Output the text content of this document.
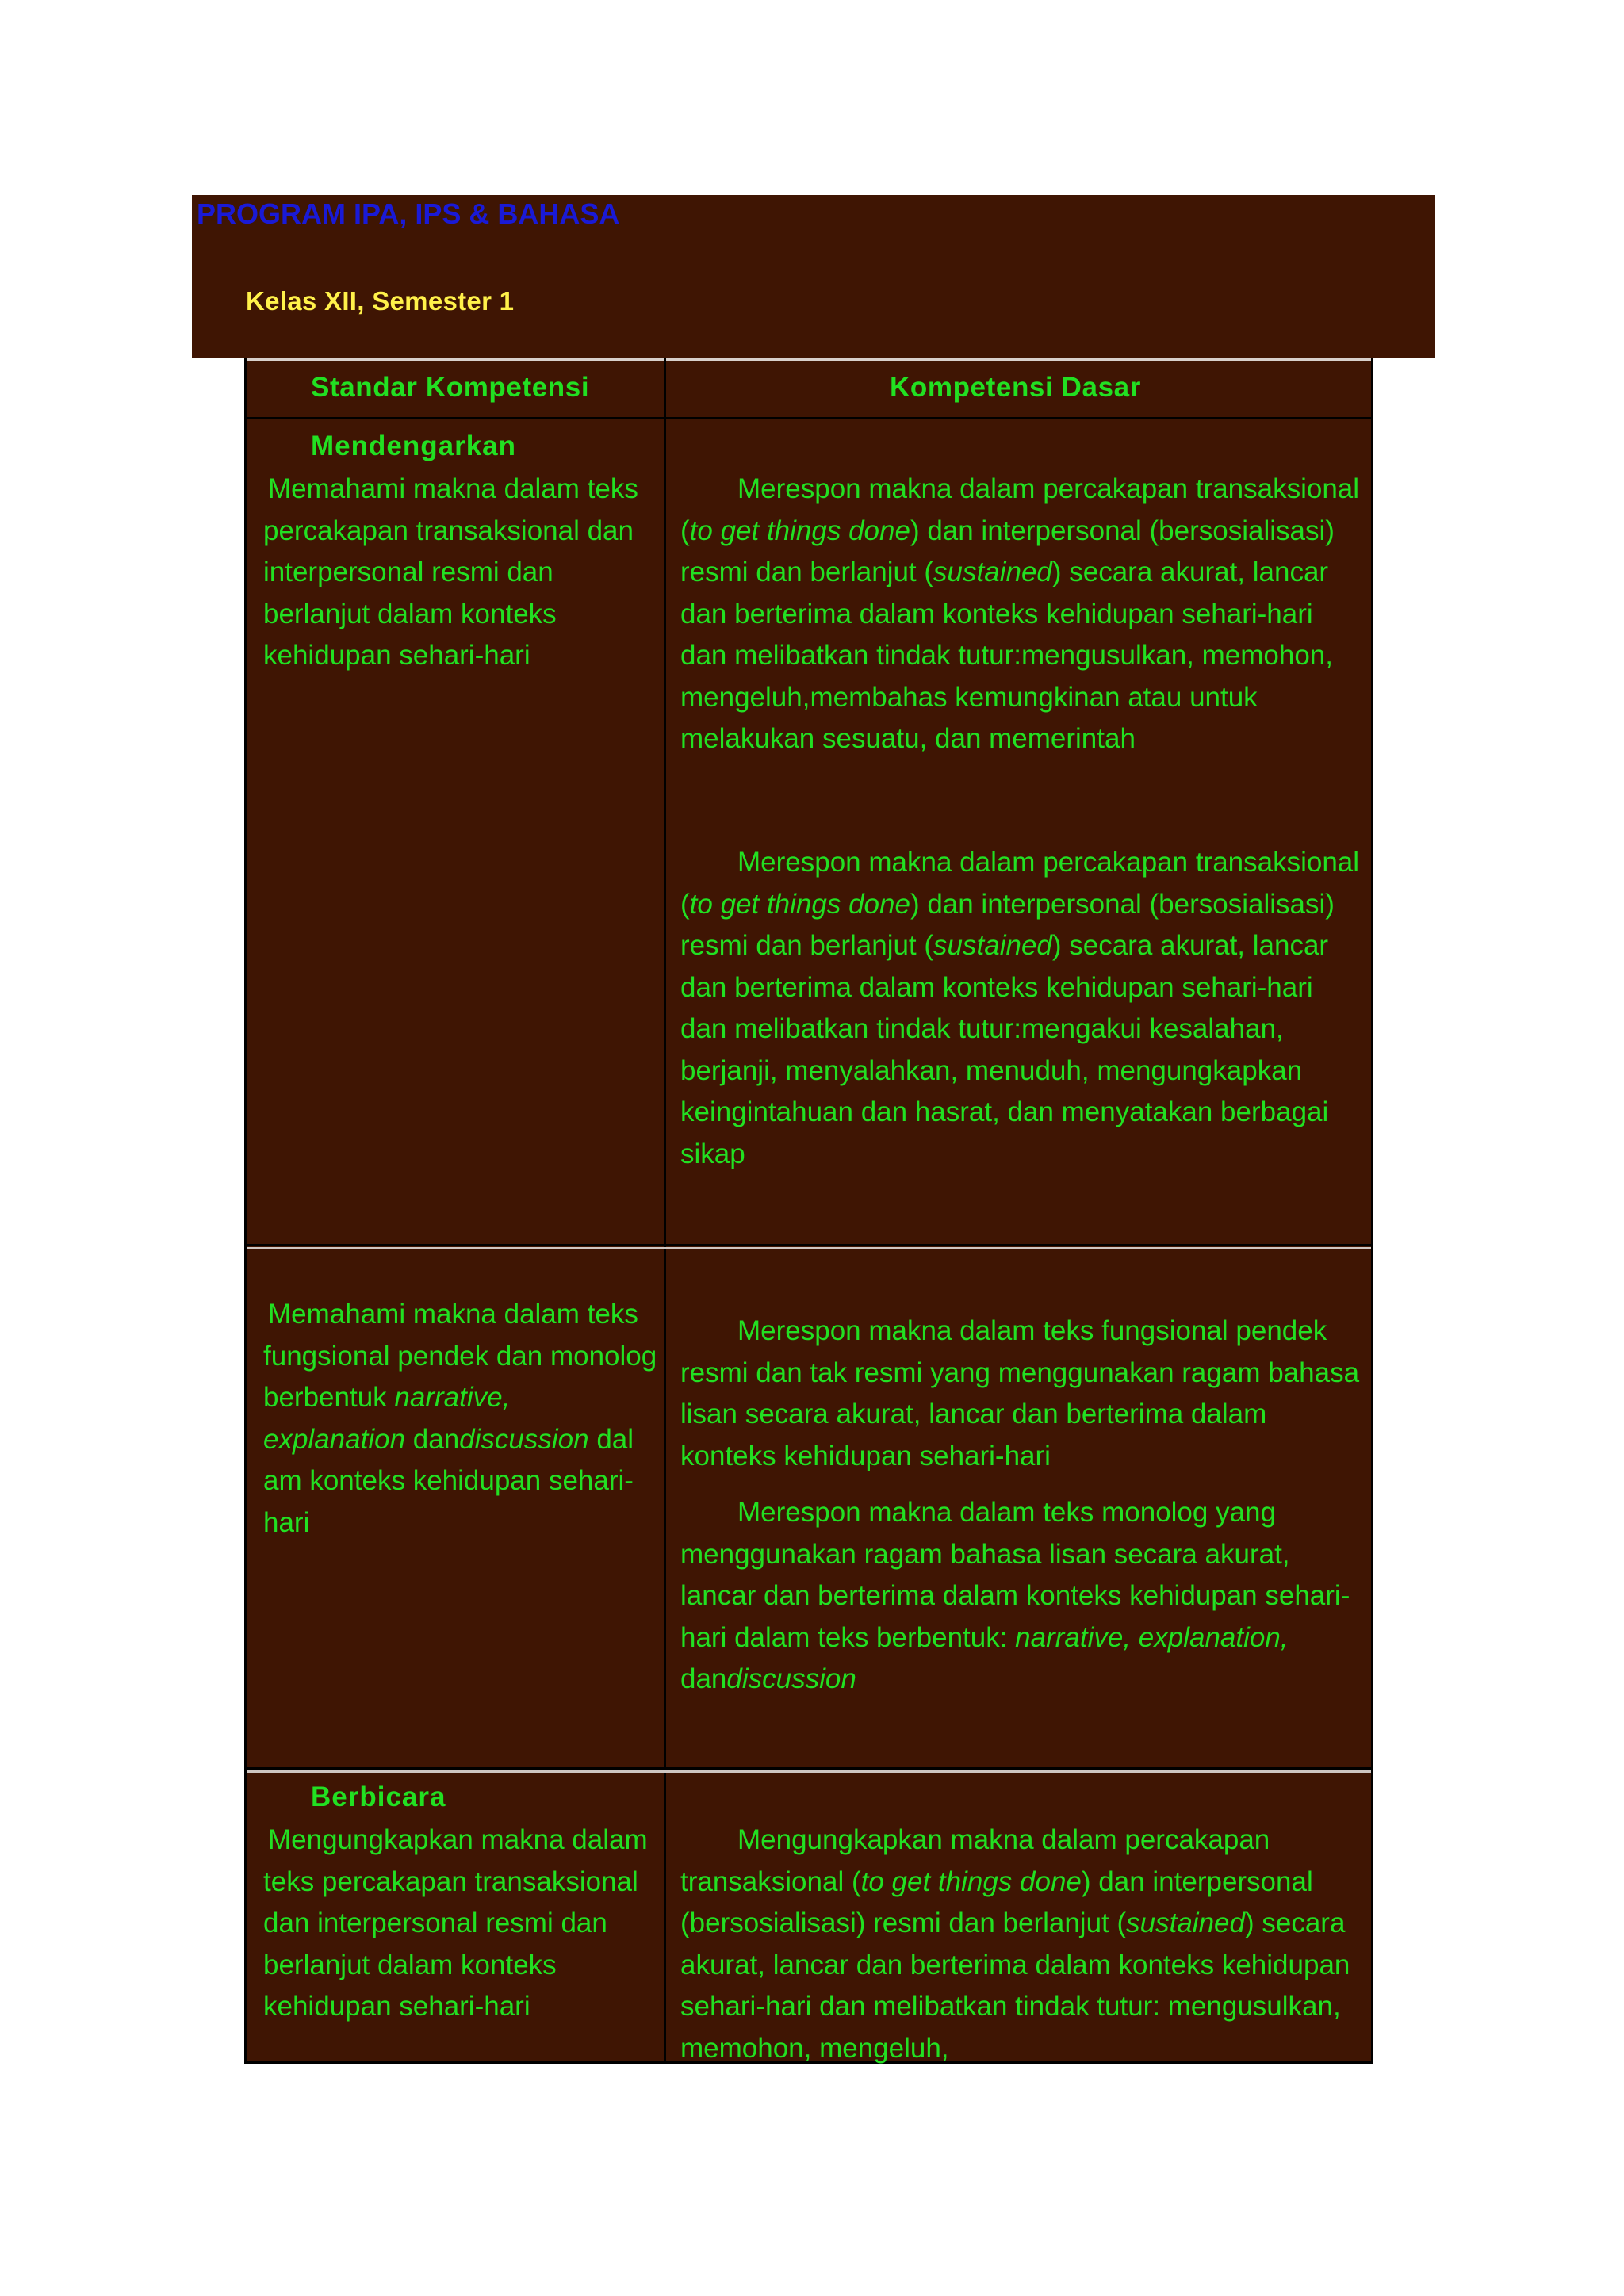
PROGRAM IPA, IPS & BAHASA
Kelas XII, Semester 1
Standar Kompetensi	Kompetensi Dasar
Mendengarkan

Memahami makna dalam teks percakapan transaksional dan interpersonal resmi dan berlanjut dalam konteks kehidupan sehari-hari

Merespon makna dalam percakapan transaksional (to get things done) dan interpersonal (bersosialisasi) resmi dan berlanjut (sustained) secara akurat, lancar dan berterima dalam konteks kehidupan sehari-hari dan melibatkan tindak tutur:mengusulkan, memohon, mengeluh,membahas kemungkinan atau untuk melakukan sesuatu, dan memerintah

Merespon makna dalam percakapan transaksional (to get things done) dan interpersonal (bersosialisasi) resmi dan berlanjut (sustained) secara akurat, lancar dan berterima dalam konteks kehidupan sehari-hari dan melibatkan tindak tutur:mengakui kesalahan, berjanji, menyalahkan, menuduh, mengungkapkan keingintahuan dan hasrat, dan menyatakan berbagai sikap

Memahami makna dalam teks fungsional pendek dan monolog berbentuk narrative, explanation dandiscussion dal am konteks kehidupan sehari-hari

Merespon makna dalam teks fungsional pendek resmi dan tak resmi yang menggunakan ragam bahasa lisan secara akurat, lancar dan berterima dalam konteks kehidupan sehari-hari

Merespon makna dalam teks monolog yang menggunakan ragam bahasa lisan secara akurat, lancar dan berterima dalam konteks kehidupan sehari-hari dalam teks berbentuk: narrative, explanation, dandiscussion

Berbicara

Mengungkapkan makna dalam teks percakapan transaksional dan interpersonal resmi dan berlanjut dalam konteks kehidupan sehari-hari

Mengungkapkan makna dalam percakapan transaksional (to get things done) dan interpersonal (bersosialisasi) resmi dan berlanjut (sustained) secara akurat, lancar dan berterima dalam konteks kehidupan sehari-hari dan melibatkan tindak tutur: mengusulkan, memohon, mengeluh,
